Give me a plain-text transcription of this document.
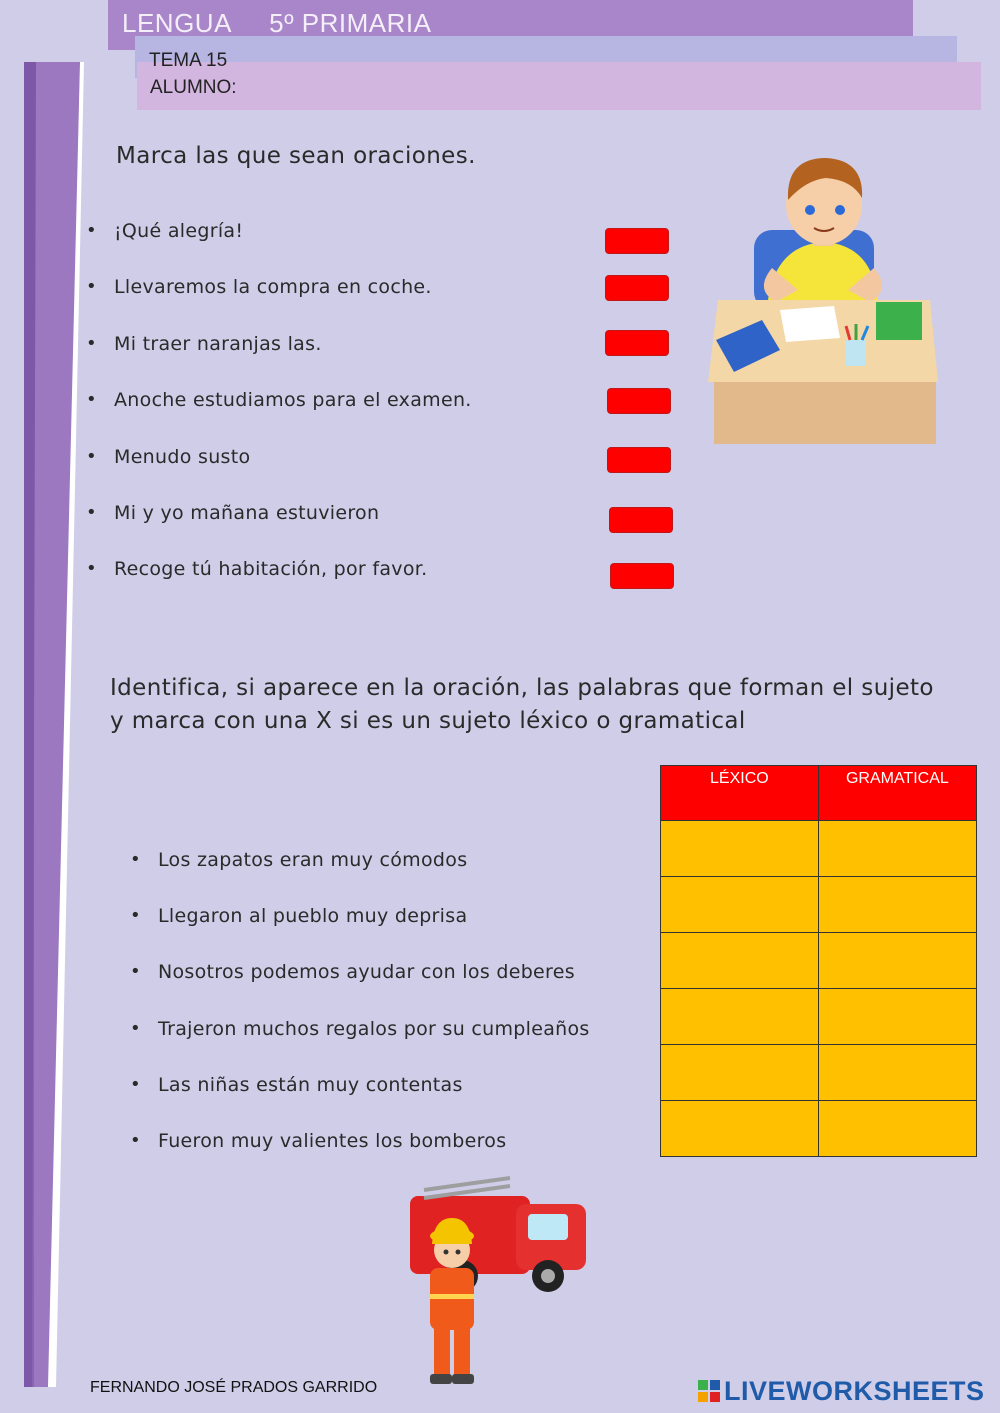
LENGUA     5º PRIMARIA
TEMA 15
ALUMNO:
Marca las que sean oraciones.
• ¡Qué alegría!
• Llevaremos la compra en coche.
• Mi traer naranjas las.
• Anoche estudiamos para el examen.
• Menudo susto
• Mi y yo mañana estuvieron
• Recoge tú habitación, por favor.
Identifica, si aparece en la oración, las palabras que forman el sujeto y marca con una X si es un sujeto léxico o gramatical
• Los zapatos eran muy cómodos
• Llegaron al pueblo muy deprisa
• Nosotros podemos ayudar con los deberes
• Trajeron muchos regalos por su cumpleaños
• Las niñas están muy contentas
• Fueron muy valientes los bomberos
LÉXICO	GRAMATICAL

FERNANDO JOSÉ PRADOS GARRIDO	LIVEWORKSHEETS
